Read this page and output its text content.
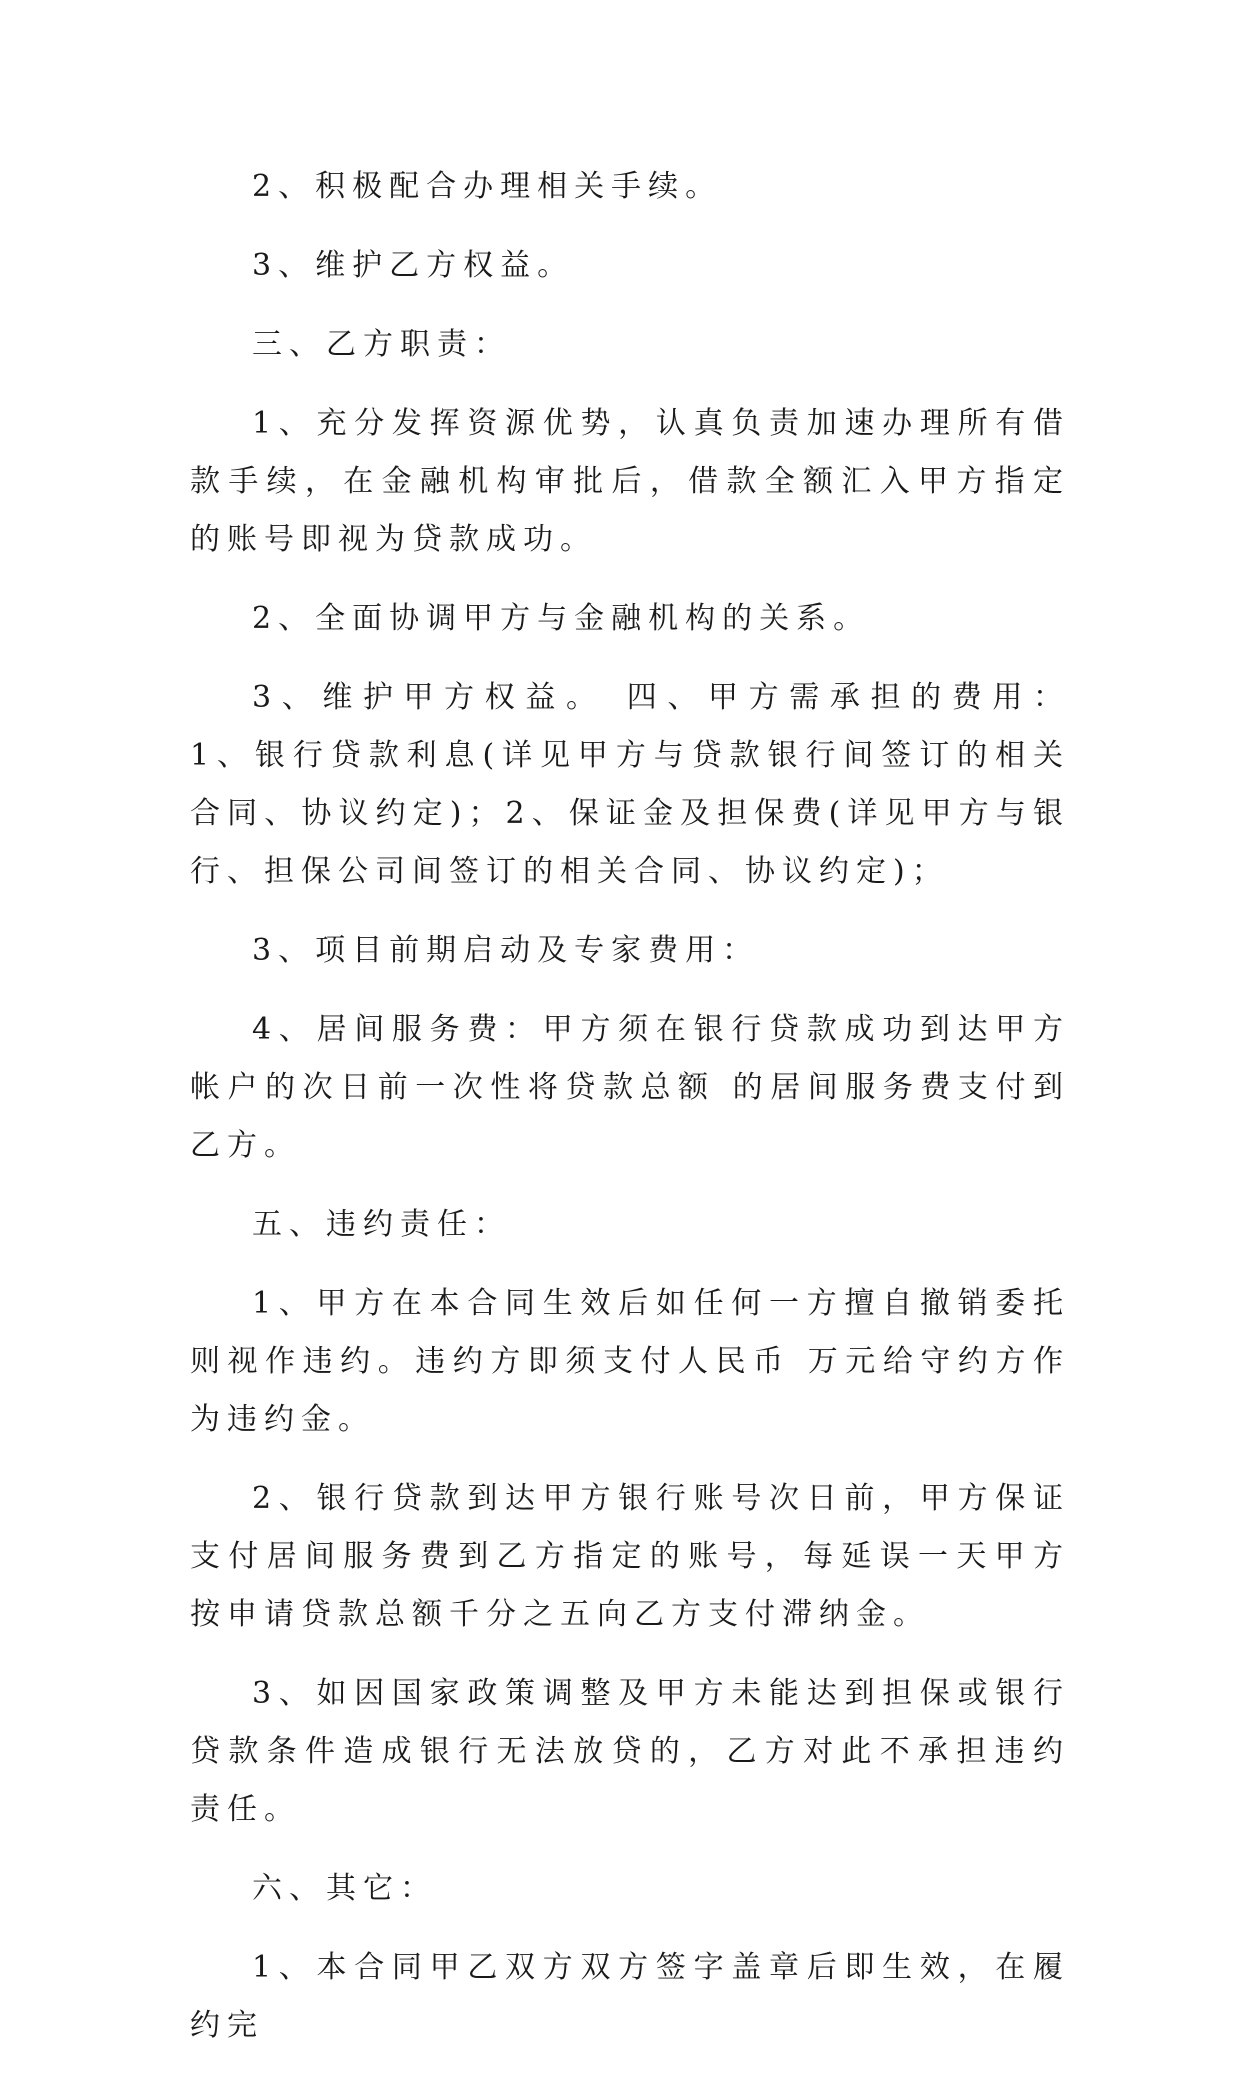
2、积极配合办理相关手续。

3、维护乙方权益。

三、乙方职责：

1、充分发挥资源优势，认真负责加速办理所有借款手续，在金融机构审批后，借款全额汇入甲方指定的账号即视为贷款成功。

2、全面协调甲方与金融机构的关系。

3、维护甲方权益。 四、甲方需承担的费用： 1、银行贷款利息(详见甲方与贷款银行间签订的相关合同、协议约定)；2、保证金及担保费(详见甲方与银行、担保公司间签订的相关合同、协议约定)；

3、项目前期启动及专家费用：

4、居间服务费：甲方须在银行贷款成功到达甲方帐户的次日前一次性将贷款总额 的居间服务费支付到乙方。

五、违约责任：

1、甲方在本合同生效后如任何一方擅自撤销委托则视作违约。违约方即须支付人民币 万元给守约方作为违约金。

2、银行贷款到达甲方银行账号次日前，甲方保证支付居间服务费到乙方指定的账号，每延误一天甲方按申请贷款总额千分之五向乙方支付滞纳金。

3、如因国家政策调整及甲方未能达到担保或银行贷款条件造成银行无法放贷的，乙方对此不承担违约责任。

六、其它：

1、本合同甲乙双方双方签字盖章后即生效，在履约完
